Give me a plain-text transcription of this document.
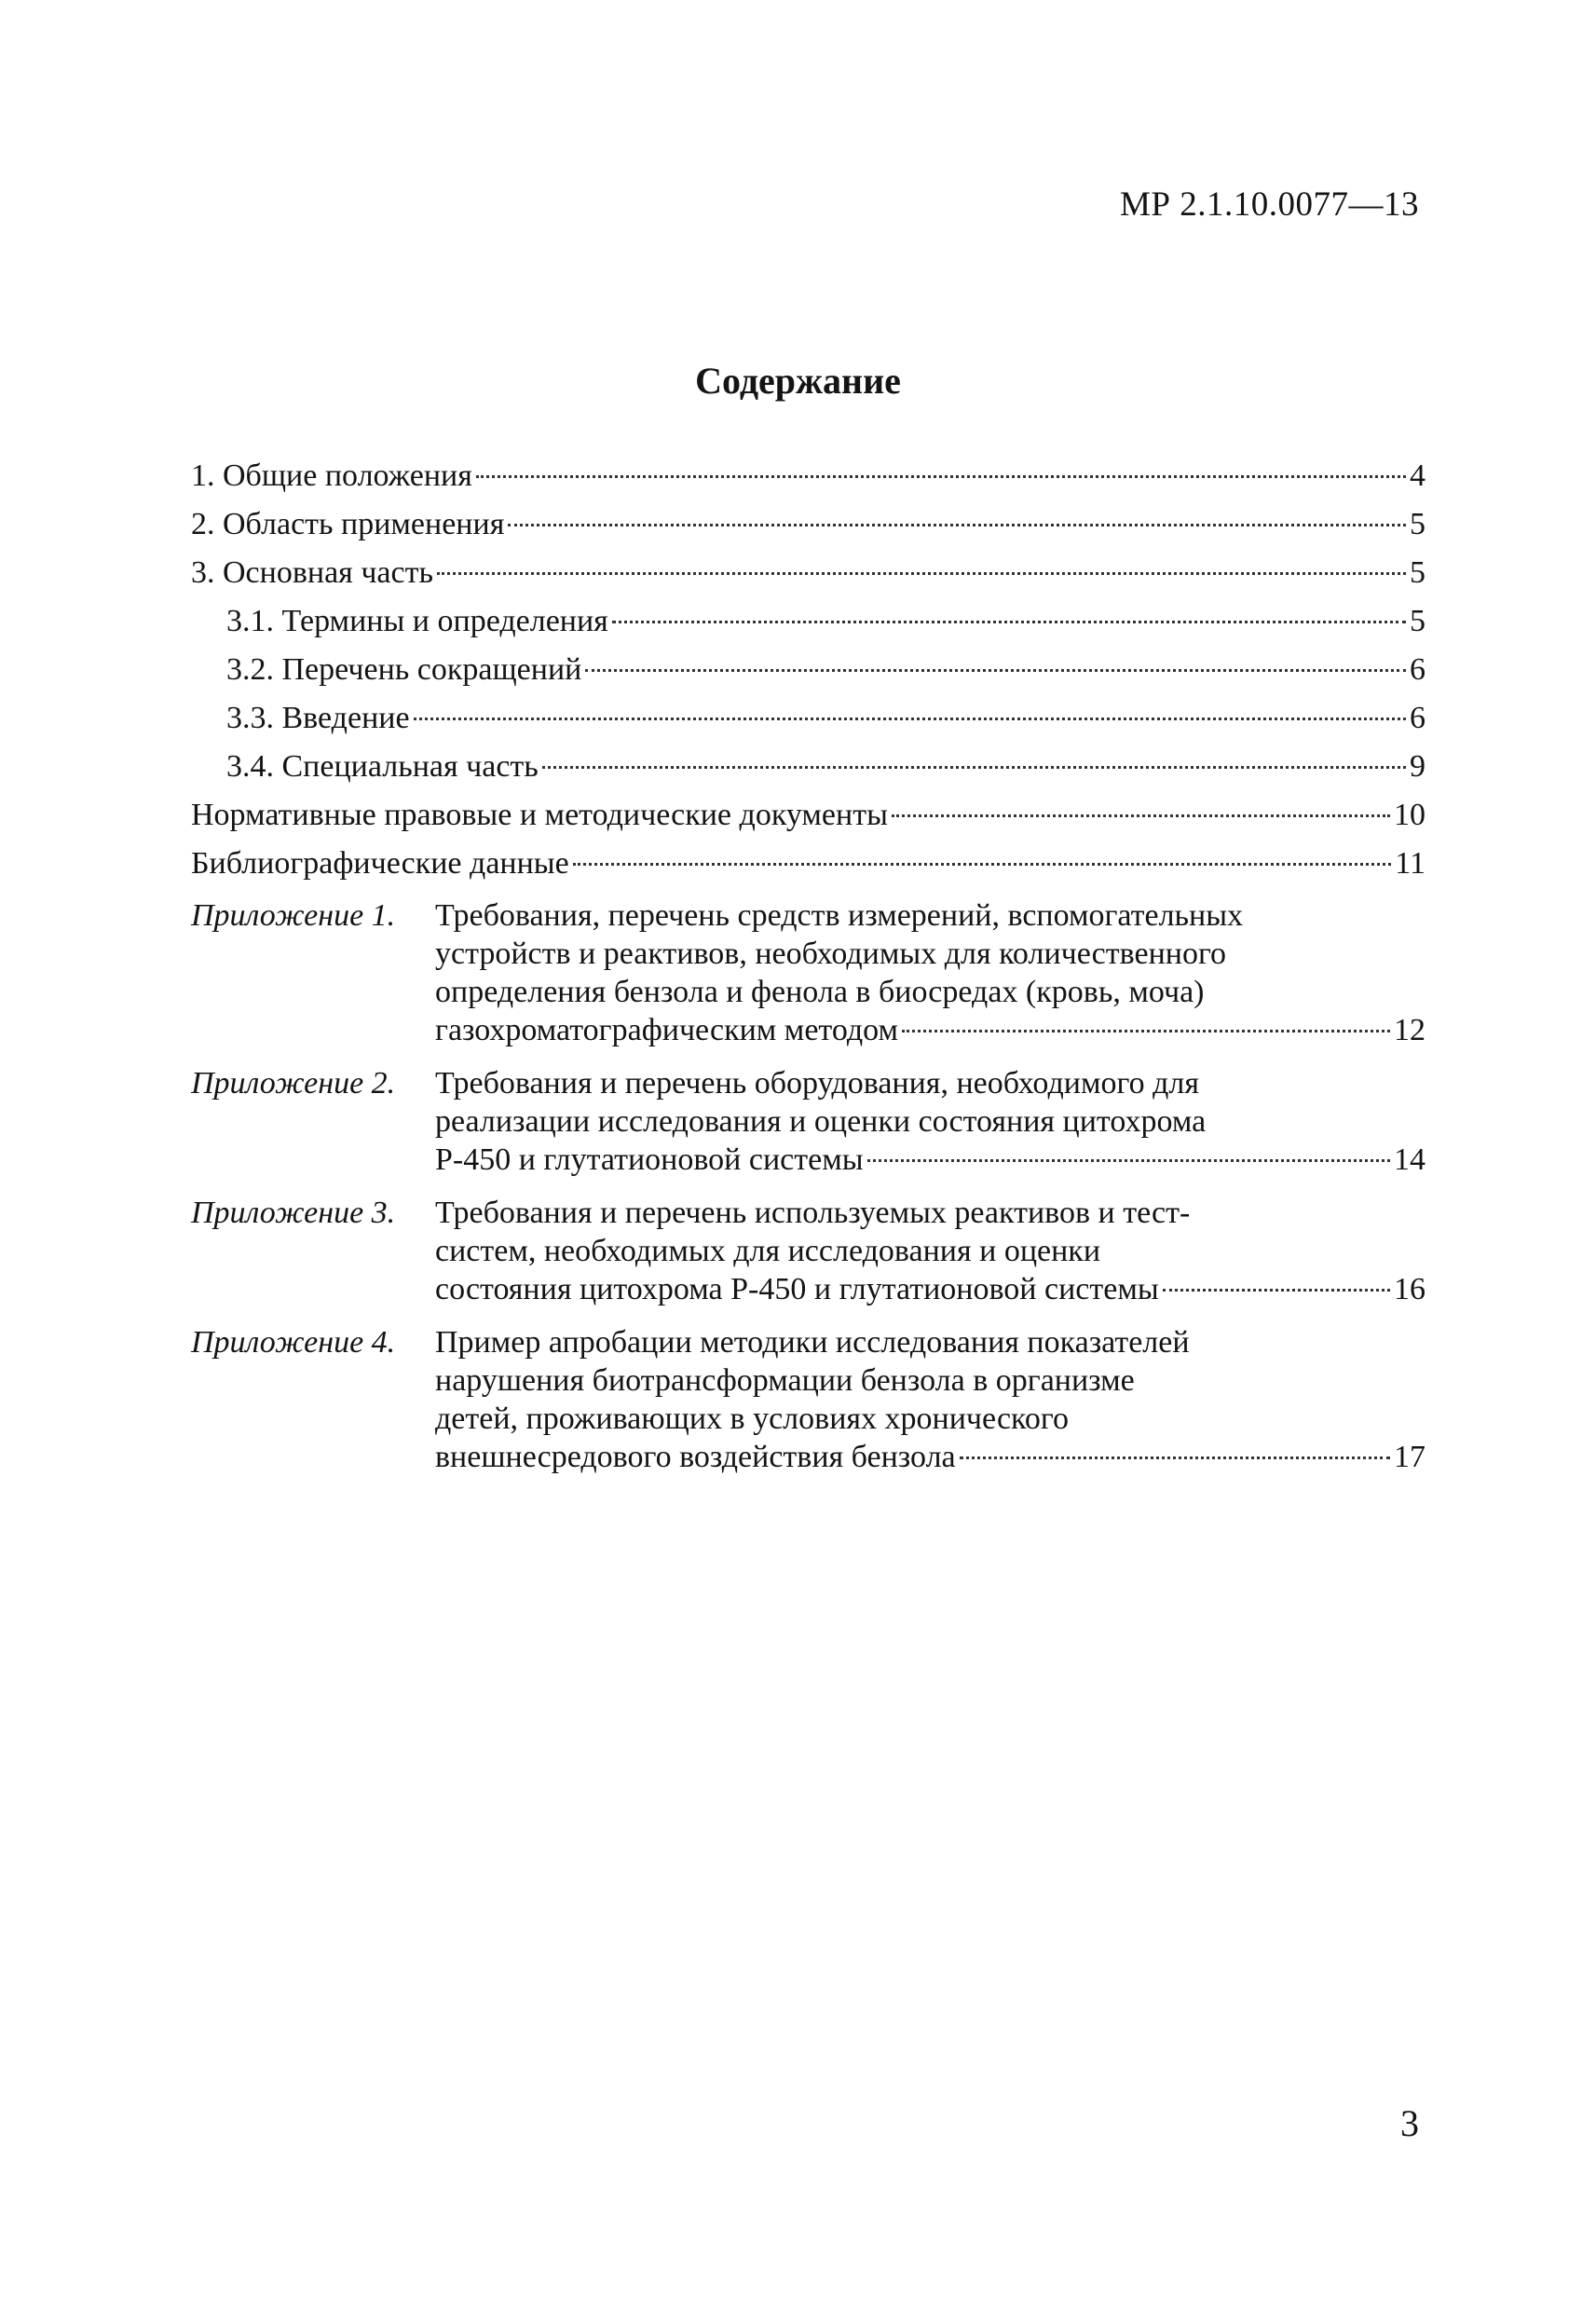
МР 2.1.10.0077—13
Содержание
1. Общие положения	4
2. Область применения	5
3. Основная часть	5
3.1. Термины и определения	5
3.2. Перечень сокращений	6
3.3. Введение	6
3.4. Специальная часть	9
Нормативные правовые и методические документы	10
Библиографические данные	11
Приложение 1.	Требования, перечень средств измерений, вспомогательных
устройств и реактивов, необходимых для количественного
определения бензола и фенола в биосредах (кровь, моча)
газохроматографическим методом	12
Приложение 2.	Требования и перечень оборудования, необходимого для
реализации исследования и оценки состояния цитохрома
Р-450 и глутатионовой системы	14
Приложение 3.	Требования и перечень используемых реактивов и тест-
систем, необходимых для исследования и оценки
состояния цитохрома Р-450 и глутатионовой системы	16
Приложение 4.	Пример апробации методики исследования показателей
нарушения биотрансформации бензола в организме
детей, проживающих в условиях хронического
внешнесредового воздействия бензола	17
3
